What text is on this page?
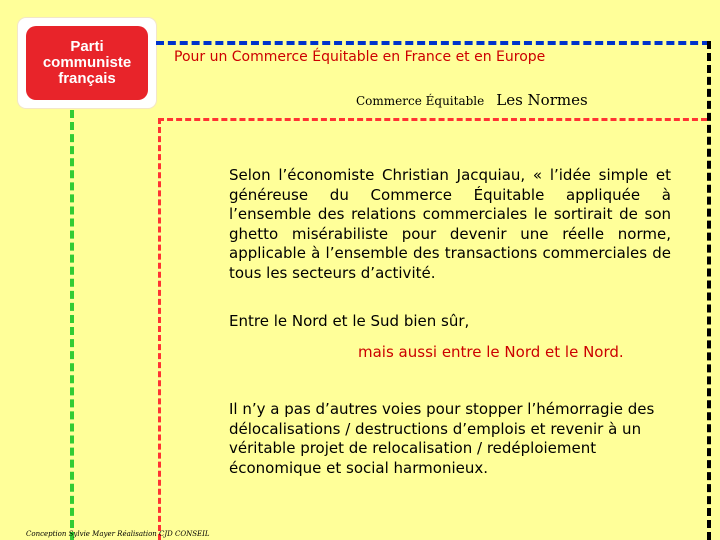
Parti
communiste
français
Pour un Commerce Équitable en France et en Europe
Commerce Équitable Les Normes
Selon l’économiste Christian Jacquiau, « l’idée simple et généreuse du Commerce Équitable appliquée à l’ensemble des relations commerciales le sortirait de son ghetto misérabiliste pour devenir une réelle norme, applicable à l’ensemble des transactions commerciales de tous les secteurs d’activité.
Entre le Nord et le Sud bien sûr,
mais aussi entre le Nord et le Nord.
Il n’y a pas d’autres voies pour stopper l’hémorragie des délocalisations / destructions d’emplois et revenir à un véritable projet de relocalisation / redéploiement économique et social harmonieux.
Conception Sylvie Mayer Réalisation CJD CONSEIL
